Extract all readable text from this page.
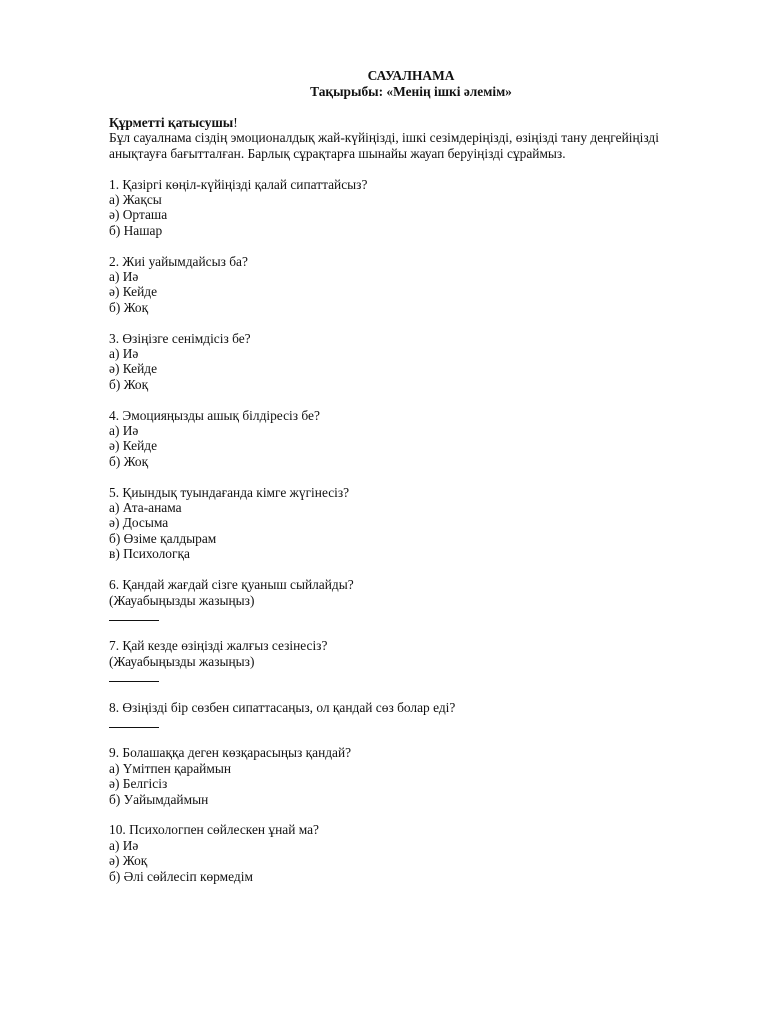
САУАЛНАМА
Тақырыбы: «Менің ішкі әлемім»
Құрметті қатысушы!
Бұл сауалнама сіздің эмоционалдық жай-күйіңізді, ішкі сезімдеріңізді, өзіңізді тану деңгейіңізді
анықтауға бағытталған. Барлық сұрақтарға шынайы жауап беруіңізді сұраймыз.
1. Қазіргі көңіл-күйіңізді қалай сипаттайсыз?
а) Жақсы
ә) Орташа
б) Нашар
2. Жиі уайымдайсыз ба?
а) Иә
ә) Кейде
б) Жоқ
3. Өзіңізге сенімдісіз бе?
а) Иә
ә) Кейде
б) Жоқ
4. Эмоцияңызды ашық білдіресіз бе?
а) Иә
ә) Кейде
б) Жоқ
5. Қиындық туындағанда кімге жүгінесіз?
а) Ата-анама
ә) Досыма
б) Өзіме қалдырам
в) Психологқа
6. Қандай жағдай сізге қуаныш сыйлайды?
(Жауабыңызды жазыңыз)
7. Қай кезде өзіңізді жалғыз сезінесіз?
(Жауабыңызды жазыңыз)
8. Өзіңізді бір сөзбен сипаттасаңыз, ол қандай сөз болар еді?
9. Болашаққа деген көзқарасыңыз қандай?
а) Үмітпен қараймын
ә) Белгісіз
б) Уайымдаймын
10. Психологпен сөйлескен ұнай ма?
а) Иә
ә) Жоқ
б) Әлі сөйлесіп көрмедім
